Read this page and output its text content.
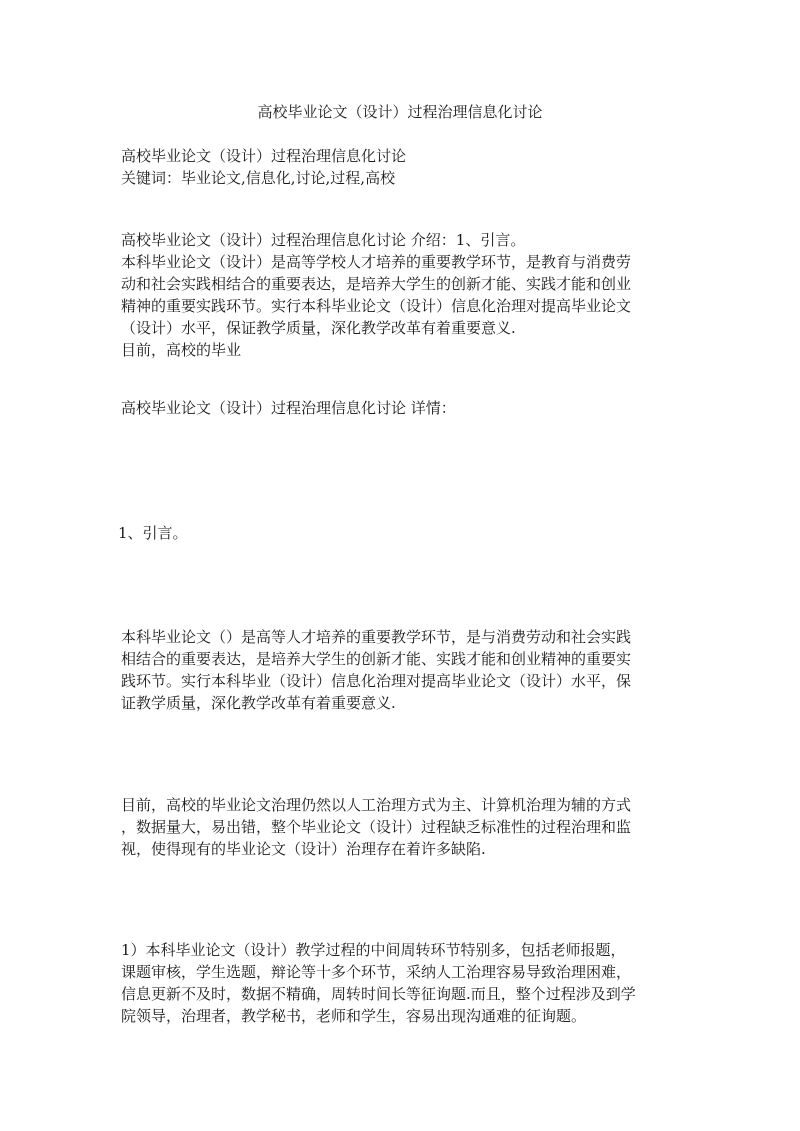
高校毕业论文（设计）过程治理信息化讨论
高校毕业论文（设计）过程治理信息化讨论
关键词：毕业论文,信息化,讨论,过程,高校
高校毕业论文（设计）过程治理信息化讨论 介绍：1、引言。
本科毕业论文（设计）是高等学校人才培养的重要教学环节，是教育与消费劳
动和社会实践相结合的重要表达，是培养大学生的创新才能、实践才能和创业
精神的重要实践环节。实行本科毕业论文（设计）信息化治理对提高毕业论文
（设计）水平，保证教学质量，深化教学改革有着重要意义.
目前，高校的毕业
高校毕业论文（设计）过程治理信息化讨论 详情：
1、引言。
本科毕业论文（）是高等人才培养的重要教学环节，是与消费劳动和社会实践
相结合的重要表达，是培养大学生的创新才能、实践才能和创业精神的重要实
践环节。实行本科毕业（设计）信息化治理对提高毕业论文（设计）水平，保
证教学质量，深化教学改革有着重要意义.
目前，高校的毕业论文治理仍然以人工治理方式为主、计算机治理为辅的方式
，数据量大，易出错，整个毕业论文（设计）过程缺乏标准性的过程治理和监
视，使得现有的毕业论文（设计）治理存在着许多缺陷.
1）本科毕业论文（设计）教学过程的中间周转环节特别多，包括老师报题，
课题审核，学生选题，辩论等十多个环节，采纳人工治理容易导致治理困难，
信息更新不及时，数据不精确，周转时间长等征询题.而且，整个过程涉及到学
院领导，治理者，教学秘书，老师和学生，容易出现沟通难的征询题。
